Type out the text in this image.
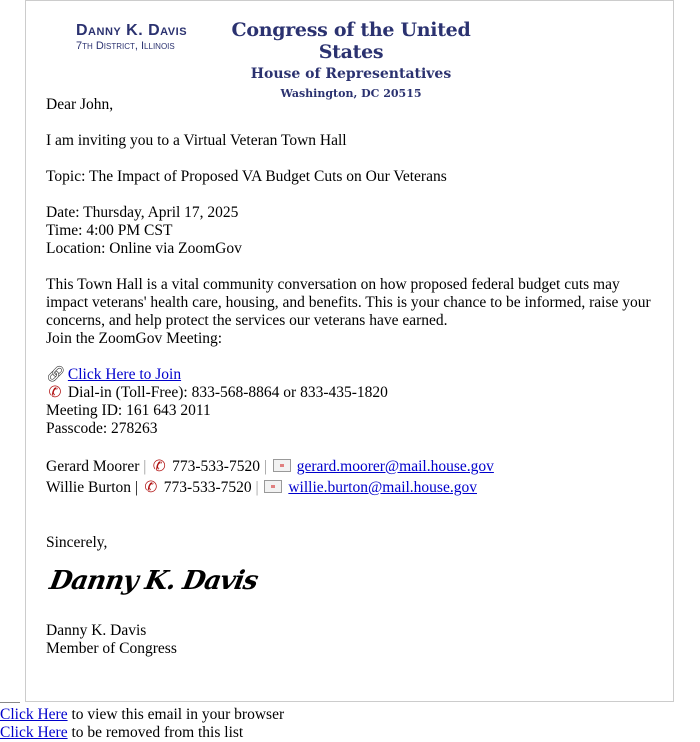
Danny K. Davis
7th District, Illinois
Congress of the United States
House of Representatives
Washington, DC 20515

Dear John,

I am inviting you to a Virtual Veteran Town Hall

Topic: The Impact of Proposed VA Budget Cuts on Our Veterans

Date: Thursday, April 17, 2025
Time: 4:00 PM CST
Location: Online via ZoomGov

This Town Hall is a vital community conversation on how proposed federal budget cuts may impact veterans' health care, housing, and benefits. This is your chance to be informed, raise your concerns, and help protect the services our veterans have earned.
Join the ZoomGov Meeting:

🔗︎ Click Here to Join
✆ Dial-in (Toll-Free): 833-568-8864 or 833-435-1820
Meeting ID: 161 643 2011
Passcode: 278263

Gerard Moorer | ✆ 773-533-7520 | gerard.moorer@mail.house.gov
Willie Burton | ✆ 773-533-7520 | willie.burton@mail.house.gov
Sincerely,
Danny K. Davis
Danny K. Davis
Member of Congress
Click Here to view this email in your browser
Click Here to be removed from this list
